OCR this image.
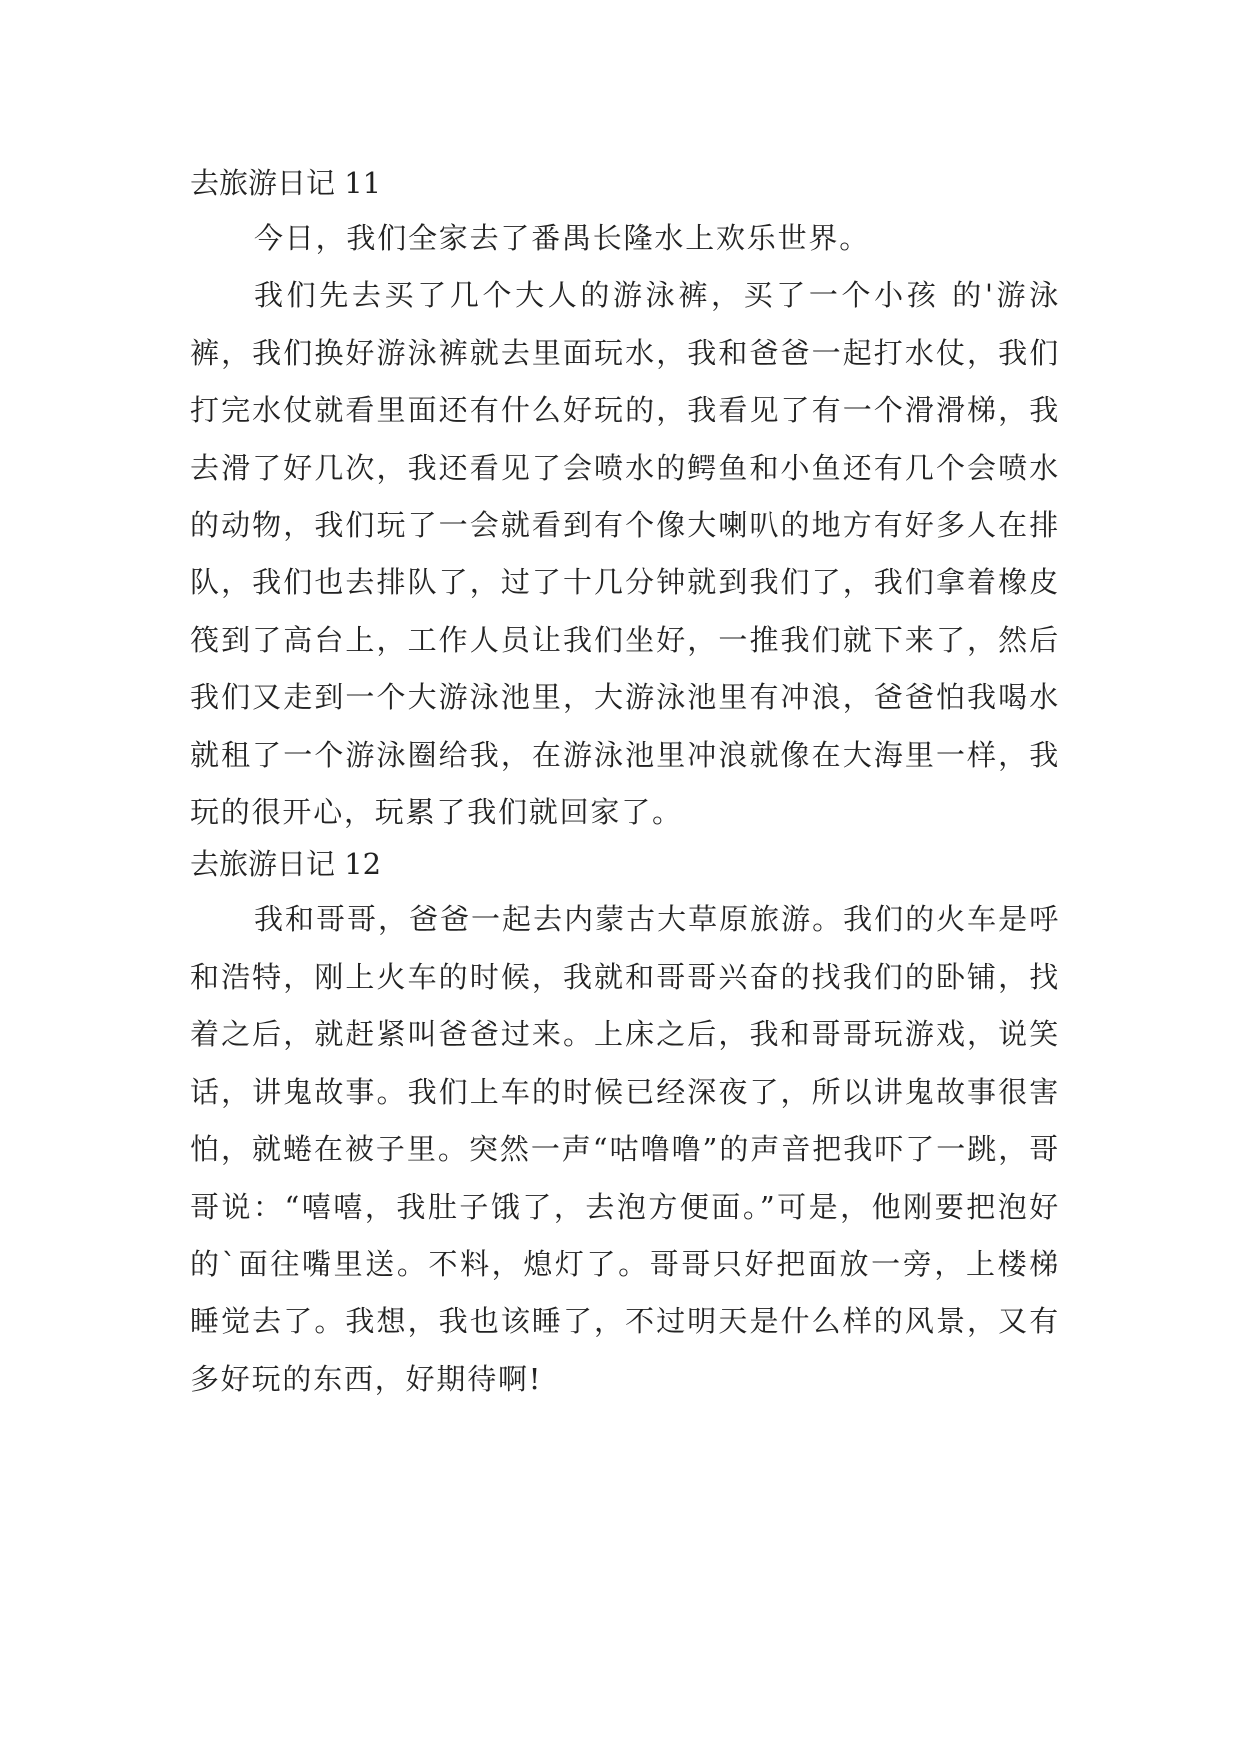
去旅游日记 11

今日，我们全家去了番禺长隆水上欢乐世界。

我们先去买了几个大人的游泳裤，买了一个小孩 的'游泳裤，我们换好游泳裤就去里面玩水，我和爸爸一起打水仗，我们打完水仗就看里面还有什么好玩的，我看见了有一个滑滑梯，我去滑了好几次，我还看见了会喷水的鳄鱼和小鱼还有几个会喷水的动物，我们玩了一会就看到有个像大喇叭的地方有好多人在排队，我们也去排队了，过了十几分钟就到我们了，我们拿着橡皮筏到了高台上，工作人员让我们坐好，一推我们就下来了，然后我们又走到一个大游泳池里，大游泳池里有冲浪，爸爸怕我喝水就租了一个游泳圈给我，在游泳池里冲浪就像在大海里一样，我玩的很开心，玩累了我们就回家了。

去旅游日记 12

我和哥哥，爸爸一起去内蒙古大草原旅游。我们的火车是呼和浩特，刚上火车的时候，我就和哥哥兴奋的找我们的卧铺，找着之后，就赶紧叫爸爸过来。上床之后，我和哥哥玩游戏，说笑话，讲鬼故事。我们上车的时候已经深夜了，所以讲鬼故事很害怕，就蜷在被子里。突然一声“咕噜噜”的声音把我吓了一跳，哥哥说：“嘻嘻，我肚子饿了，去泡方便面。”可是，他刚要把泡好的`面往嘴里送。不料，熄灯了。哥哥只好把面放一旁，上楼梯睡觉去了。我想，我也该睡了，不过明天是什么样的风景，又有多好玩的东西，好期待啊!
